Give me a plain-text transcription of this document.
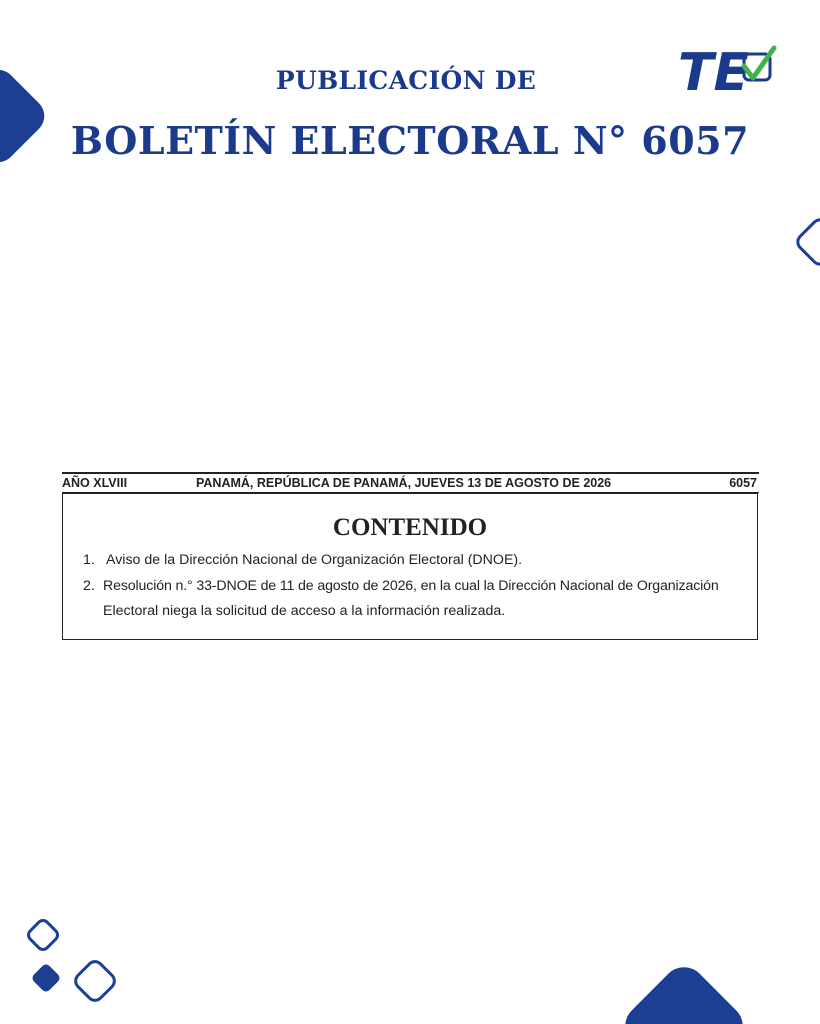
TE
PUBLICACIÓN DE
BOLETÍN ELECTORAL N° 6057
AÑO XLVIII	PANAMÁ, REPÚBLICA DE PANAMÁ, JUEVES 13 DE AGOSTO DE 2026	6057
CONTENIDO
1. Aviso de la Dirección Nacional de Organización Electoral (DNOE).
2. Resolución n.° 33-DNOE de 11 de agosto de 2026, en la cual la Dirección Nacional de Organización
Electoral niega la solicitud de acceso a la información realizada.
